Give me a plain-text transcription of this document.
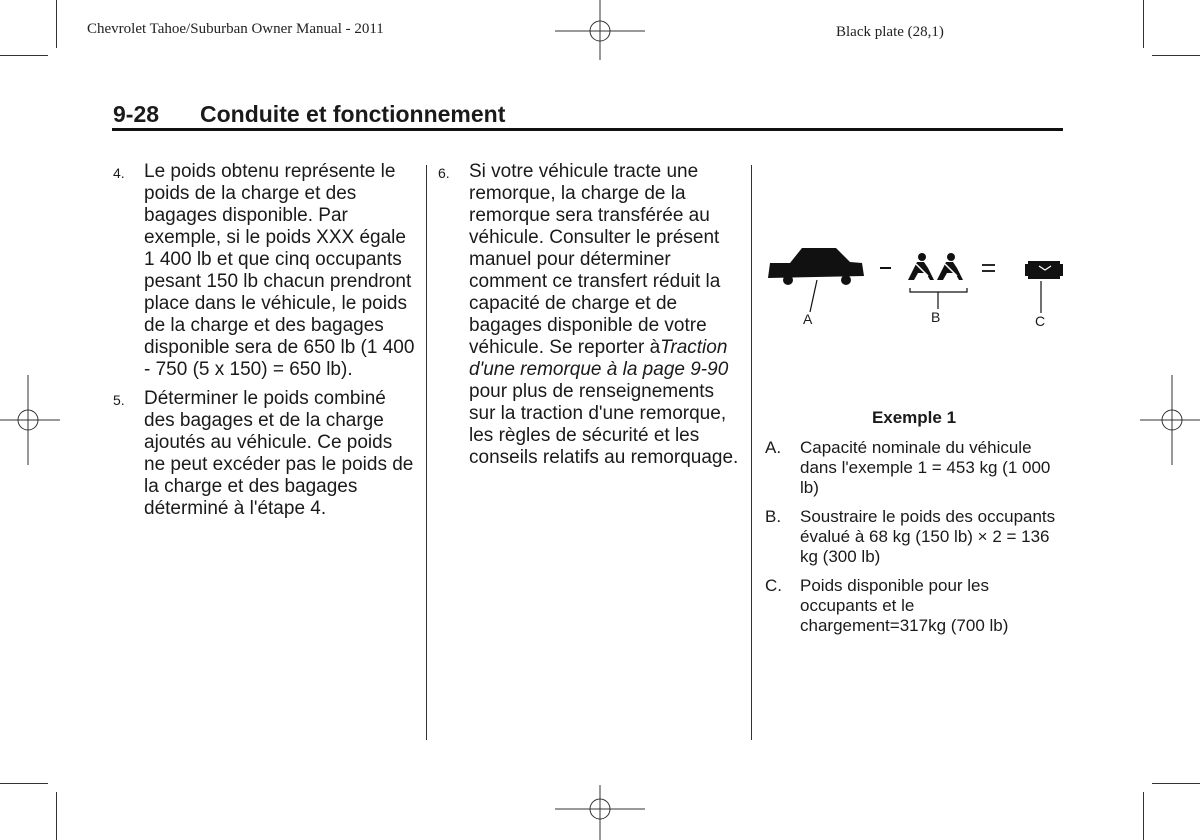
Chevrolet Tahoe/Suburban Owner Manual - 2011	Black plate (28,1)
9-28 Conduite et fonctionnement
4. Le poids obtenu représente le poids de la charge et des bagages disponible. Par exemple, si le poids XXX égale 1 400 lb et que cinq occupants pesant 150 lb chacun prendront place dans le véhicule, le poids de la charge et des bagages disponible sera de 650 lb (1 400 - 750 (5 x 150) = 650 lb).
5. Déterminer le poids combiné des bagages et de la charge ajoutés au véhicule. Ce poids ne peut excéder pas le poids de la charge et des bagages déterminé à l'étape 4.
6. Si votre véhicule tracte une remorque, la charge de la remorque sera transférée au véhicule. Consulter le présent manuel pour déterminer comment ce transfert réduit la capacité de charge et de bagages disponible de votre véhicule. Se reporter àTraction d'une remorque à la page 9-90 pour plus de renseignements sur la traction d'une remorque, les règles de sécurité et les conseils relatifs au remorquage.
A	B	C
Exemple 1
A. Capacité nominale du véhicule dans l'exemple 1 = 453 kg (1 000 lb)
B. Soustraire le poids des occupants évalué à 68 kg (150 lb) × 2 = 136 kg (300 lb)
C. Poids disponible pour les occupants et le chargement=317kg (700 lb)
